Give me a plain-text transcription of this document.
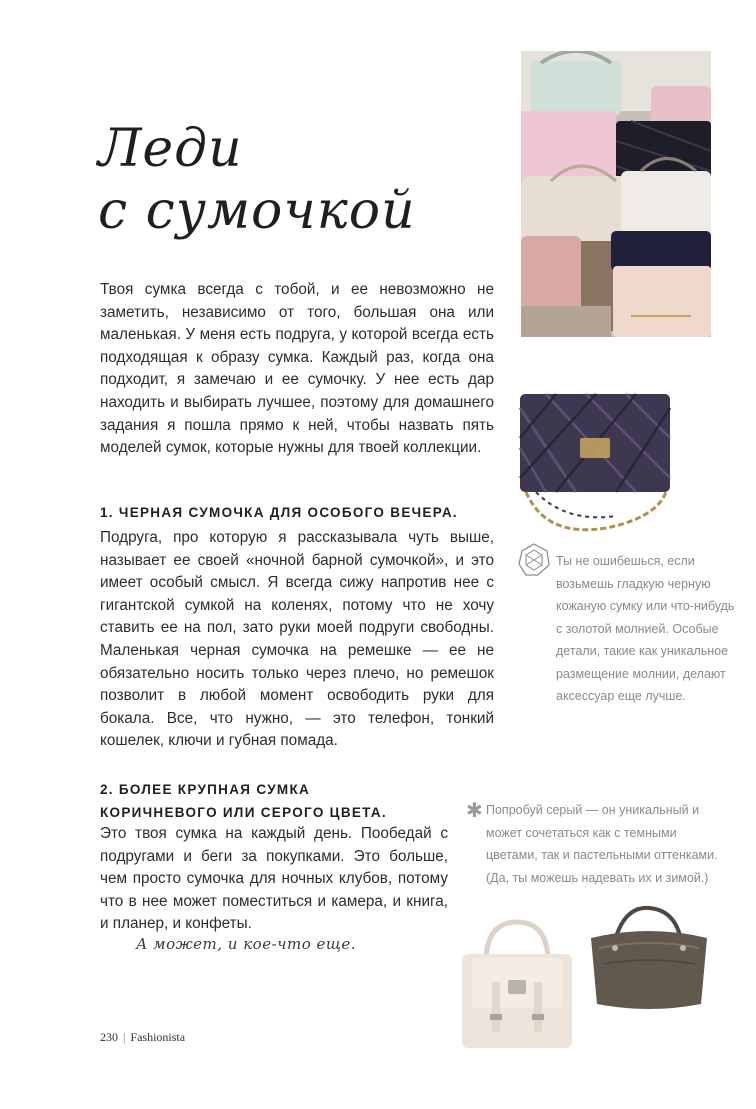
Леди
с сумочкой

Твоя сумка всегда с тобой, и ее невозможно не заметить, независимо от того, большая она или маленькая. У меня есть подруга, у которой всегда есть подходящая к образу сумка. Каждый раз, когда она подходит, я замечаю и ее сумочку. У нее есть дар находить и выбирать лучшее, поэтому для домашнего задания я пошла прямо к ней, чтобы назвать пять моделей сумок, которые нужны для твоей коллекции.

1. ЧЕРНАЯ СУМОЧКА ДЛЯ ОСОБОГО ВЕЧЕРА.

Подруга, про которую я рассказывала чуть выше, называет ее своей «ночной барной сумочкой», и это имеет особый смысл. Я всегда сижу напротив нее с гигантской сумкой на коленях, потому что не хочу ставить ее на пол, зато руки моей подруги свободны. Маленькая черная сумочка на ремешке — ее не обязательно носить только через плечо, но ремешок позволит в любой момент освободить руки для бокала. Все, что нужно, — это телефон, тонкий кошелек, ключи и губная помада.

2. БОЛЕЕ КРУПНАЯ СУМКА
КОРИЧНЕВОГО ИЛИ СЕРОГО ЦВЕТА.

Это твоя сумка на каждый день. Пообедай с подругами и беги за покупками. Это больше, чем просто сумочка для ночных клубов, потому что в нее может поместиться и камера, и книга, и планер, и конфеты.

А может, и кое-что еще.
230 | Fashionista

Ты не ошибешься, если возьмешь гладкую черную кожаную сумку или что-нибудь с золотой молнией. Особые детали, такие как уникальное размещение молнии, делают аксессуар еще лучше.

✱ Попробуй серый — он уникальный и может сочетаться как с темными цветами, так и пастельными оттенками. (Да, ты можешь надевать их и зимой.)
